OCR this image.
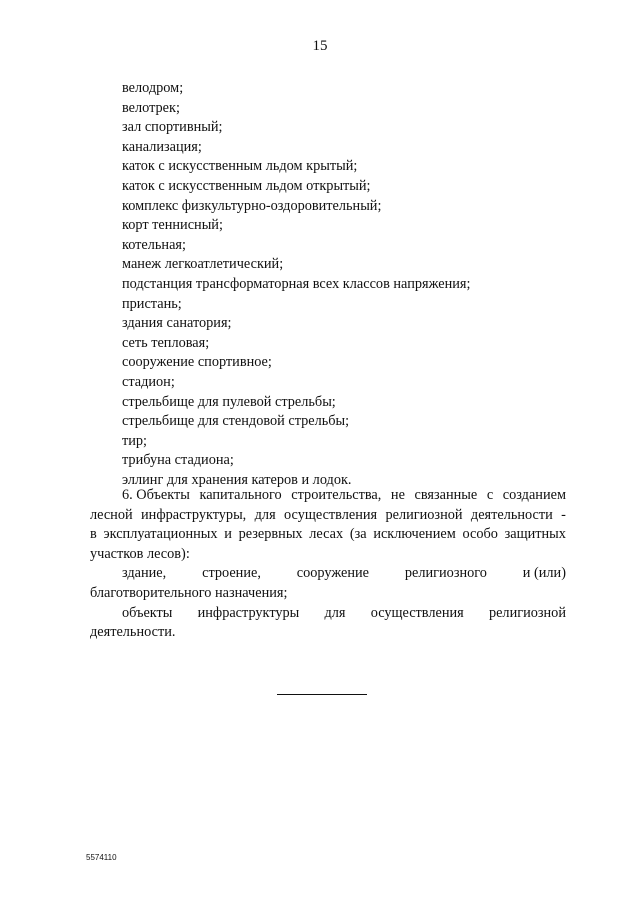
15
велодром;
велотрек;
зал спортивный;
канализация;
каток с искусственным льдом крытый;
каток с искусственным льдом открытый;
комплекс физкультурно-оздоровительный;
корт теннисный;
котельная;
манеж легкоатлетический;
подстанция трансформаторная всех классов напряжения;
пристань;
здания санатория;
сеть тепловая;
сооружение спортивное;
стадион;
стрельбище для пулевой стрельбы;
стрельбище для стендовой стрельбы;
тир;
трибуна стадиона;
эллинг для хранения катеров и лодок.
6. Объекты капитального строительства, не связанные с созданием
лесной инфраструктуры, для осуществления религиозной деятельности -
в эксплуатационных и резервных лесах (за исключением особо защитных
участков лесов):
здание,	строение,	сооружение	религиозного	и (или)
благотворительного назначения;
объекты инфраструктуры для осуществления религиозной
деятельности.
5574110
